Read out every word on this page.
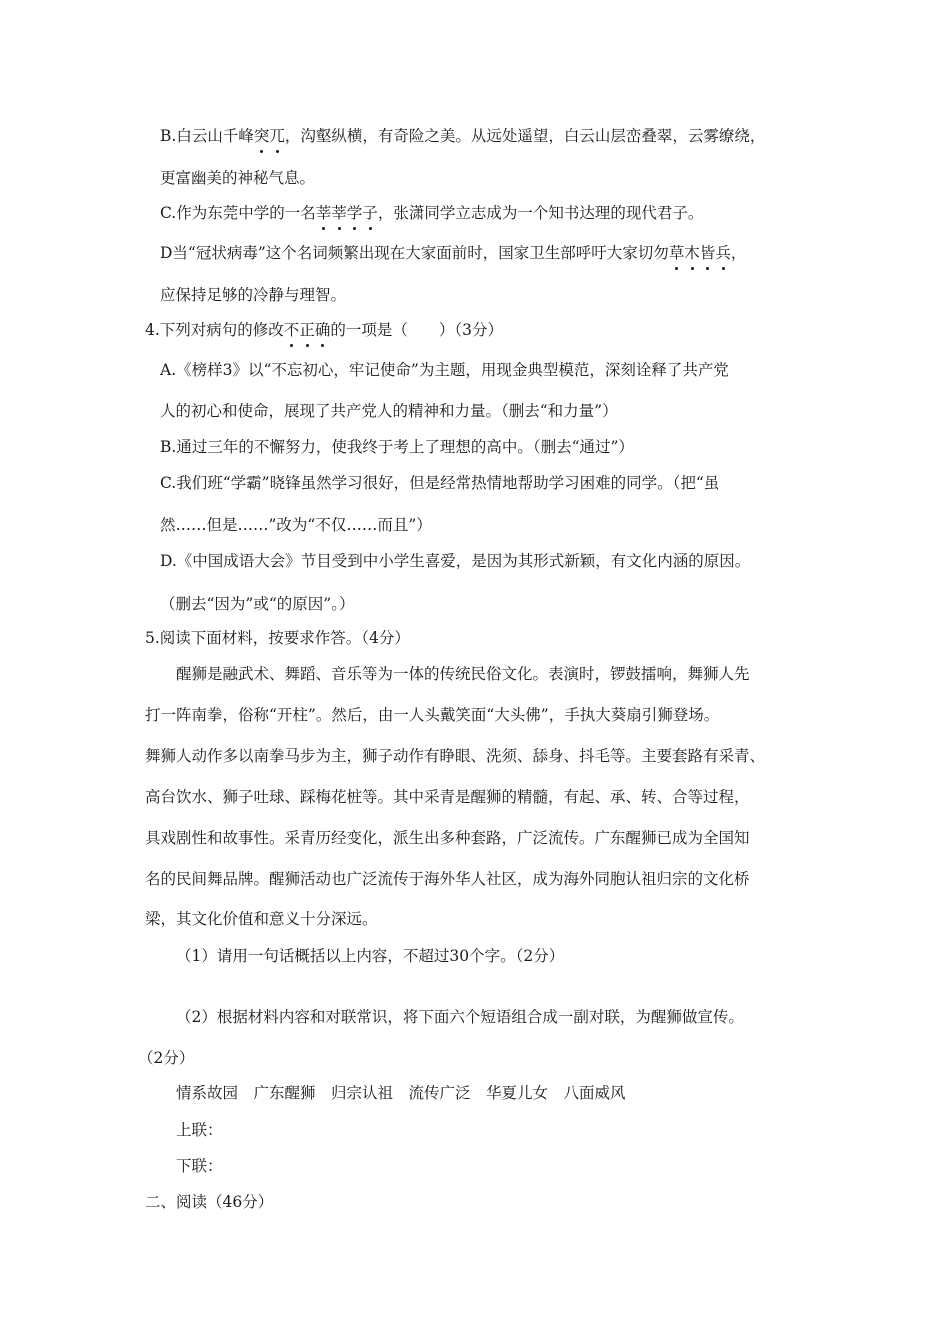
B.白云山千峰突兀，沟壑纵横，有奇险之美。从远处遥望，白云山层峦叠翠，云雾缭绕，
更富幽美的神秘气息。
C.作为东莞中学的一名莘莘学子，张潇同学立志成为一个知书达理的现代君子。
D当“冠状病毒”这个名词频繁出现在大家面前时，国家卫生部呼吁大家切勿草木皆兵，
应保持足够的冷静与理智。
4.下列对病句的修改不正确的一项是（　　）（3分）
A.《榜样3》以“不忘初心，牢记使命”为主题，用现金典型模范，深刻诠释了共产党
人的初心和使命，展现了共产党人的精神和力量。（删去“和力量”）
B.通过三年的不懈努力，使我终于考上了理想的高中。（删去“通过”）
C.我们班“学霸”晓锋虽然学习很好，但是经常热情地帮助学习困难的同学。（把“虽
然……但是……”改为“不仅……而且”）
D.《中国成语大会》节目受到中小学生喜爱，是因为其形式新颖，有文化内涵的原因。
（删去“因为”或“的原因”。）
5.阅读下面材料，按要求作答。（4分）
醒狮是融武术、舞蹈、音乐等为一体的传统民俗文化。表演时，锣鼓擂响，舞狮人先
打一阵南拳，俗称“开柱”。然后，由一人头戴笑面“大头佛”，手执大葵扇引狮登场。
舞狮人动作多以南拳马步为主，狮子动作有睁眼、洗须、舔身、抖毛等。主要套路有采青、
高台饮水、狮子吐球、踩梅花桩等。其中采青是醒狮的精髓，有起、承、转、合等过程，
具戏剧性和故事性。采青历经变化，派生出多种套路，广泛流传。广东醒狮已成为全国知
名的民间舞品牌。醒狮活动也广泛流传于海外华人社区，成为海外同胞认祖归宗的文化桥
梁，其文化价值和意义十分深远。
（1）请用一句话概括以上内容，不超过30个字。（2分）
（2）根据材料内容和对联常识，将下面六个短语组合成一副对联，为醒狮做宣传。
（2分）
情系故园　广东醒狮　归宗认祖　流传广泛　华夏儿女　八面威风
上联：
下联：
二、阅读（46分）
